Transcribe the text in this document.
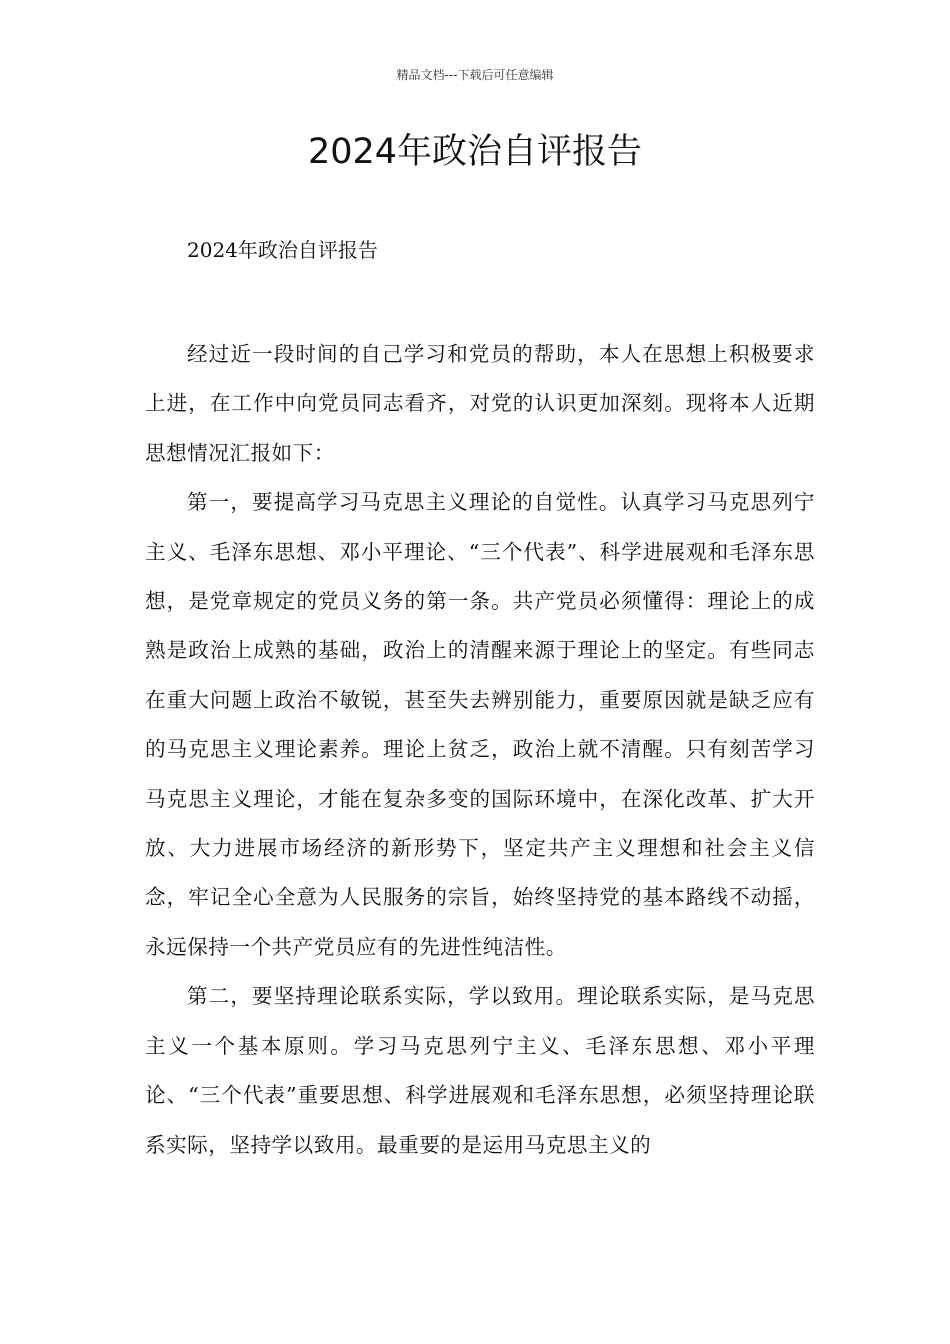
精品文档---下载后可任意编辑
2024年政治自评报告

2024年政治自评报告

经过近一段时间的自己学习和党员的帮助，本人在思想上积极要求上进，在工作中向党员同志看齐，对党的认识更加深刻。现将本人近期思想情况汇报如下：

第一，要提高学习马克思主义理论的自觉性。认真学习马克思列宁主义、毛泽东思想、邓小平理论、“三个代表”、科学进展观和毛泽东思想，是党章规定的党员义务的第一条。共产党员必须懂得：理论上的成熟是政治上成熟的基础，政治上的清醒来源于理论上的坚定。有些同志在重大问题上政治不敏锐，甚至失去辨别能力，重要原因就是缺乏应有的马克思主义理论素养。理论上贫乏，政治上就不清醒。只有刻苦学习马克思主义理论，才能在复杂多变的国际环境中，在深化改革、扩大开放、大力进展市场经济的新形势下，坚定共产主义理想和社会主义信念，牢记全心全意为人民服务的宗旨，始终坚持党的基本路线不动摇，永远保持一个共产党员应有的先进性纯洁性。

第二，要坚持理论联系实际，学以致用。理论联系实际，是马克思主义一个基本原则。学习马克思列宁主义、毛泽东思想、邓小平理论、“三个代表”重要思想、科学进展观和毛泽东思想，必须坚持理论联系实际，坚持学以致用。最重要的是运用马克思主义的
